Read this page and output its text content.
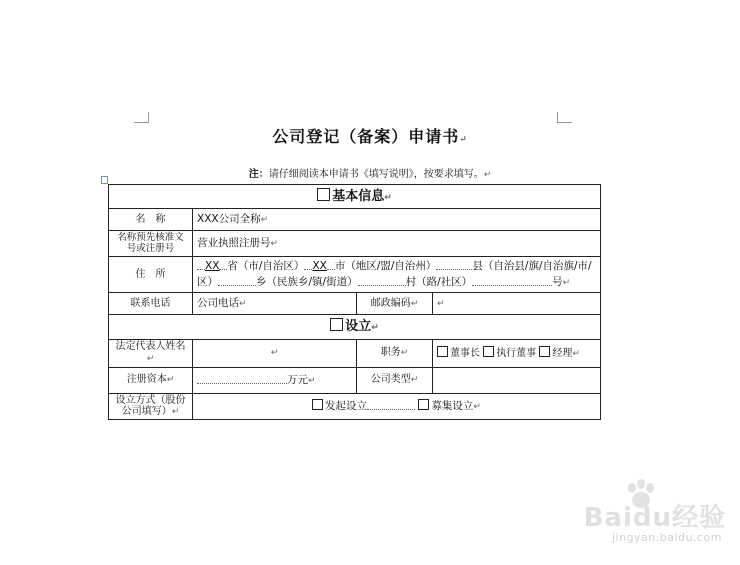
公司登记（备案）申请书↵
注：请仔细阅读本申请书《填写说明》，按要求填写。↵
基本信息↵			
名　称	XXX公司全称↵		
名称预先核准文号或注册号	营业执照注册号↵		
住　所	XX 省（市/自治区） XX 市（地区/盟/自治州） 县（自治县/旗/自治旗/市/区） 乡（民族乡/镇/街道） 村（路/社区） 号↵		
联系电话	公司电话↵	邮政编码↵	↵
设立↵			
法定代表人姓名↵	↵	职务↵	董事长 执行董事 经理↵
注册资本↵	万元↵	公司类型↵	
设立方式（股份公司填写）↵	发起设立 募集设立↵		
Baidu经验
jingyan.baidu.com
